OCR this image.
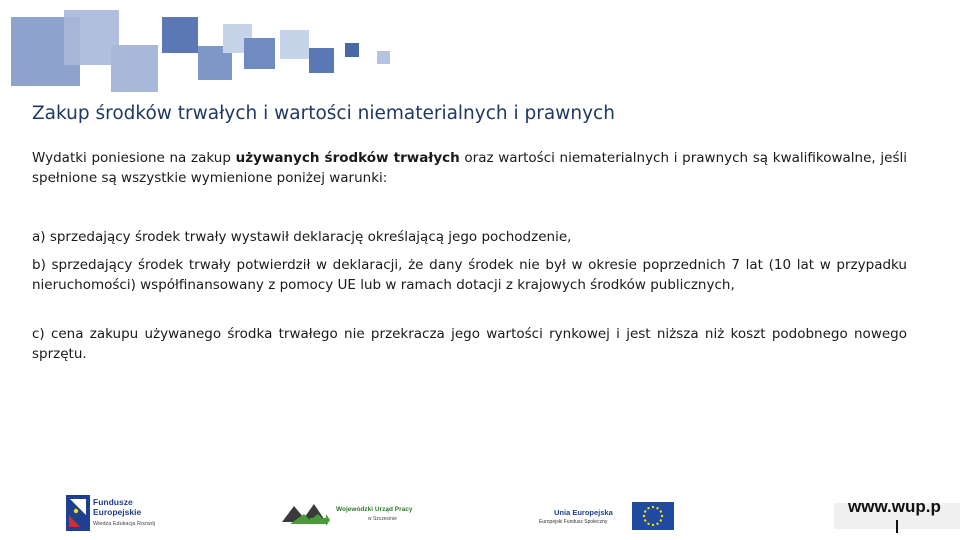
Zakup środków trwałych i wartości niematerialnych i prawnych
Wydatki poniesione na zakup używanych środków trwałych oraz wartości niematerialnych i prawnych są kwalifikowalne, jeśli spełnione są wszystkie wymienione poniżej warunki:
a) sprzedający środek trwały wystawił deklarację określającą jego pochodzenie,
b) sprzedający środek trwały potwierdził w deklaracji, że dany środek nie był w okresie poprzednich 7 lat (10 lat w przypadku nieruchomości) współfinansowany z pomocy UE lub w ramach dotacji z krajowych środków publicznych,
c) cena zakupu używanego środka trwałego nie przekracza jego wartości rynkowej i jest niższa niż koszt podobnego nowego sprzętu.
Fundusze
Europejskie
Wiedza Edukacja Rozwój
Wojewódzki Urząd Pracy
w Szczecinie
Unia Europejska
Europejski Fundusz Społeczny
www.wup.p
